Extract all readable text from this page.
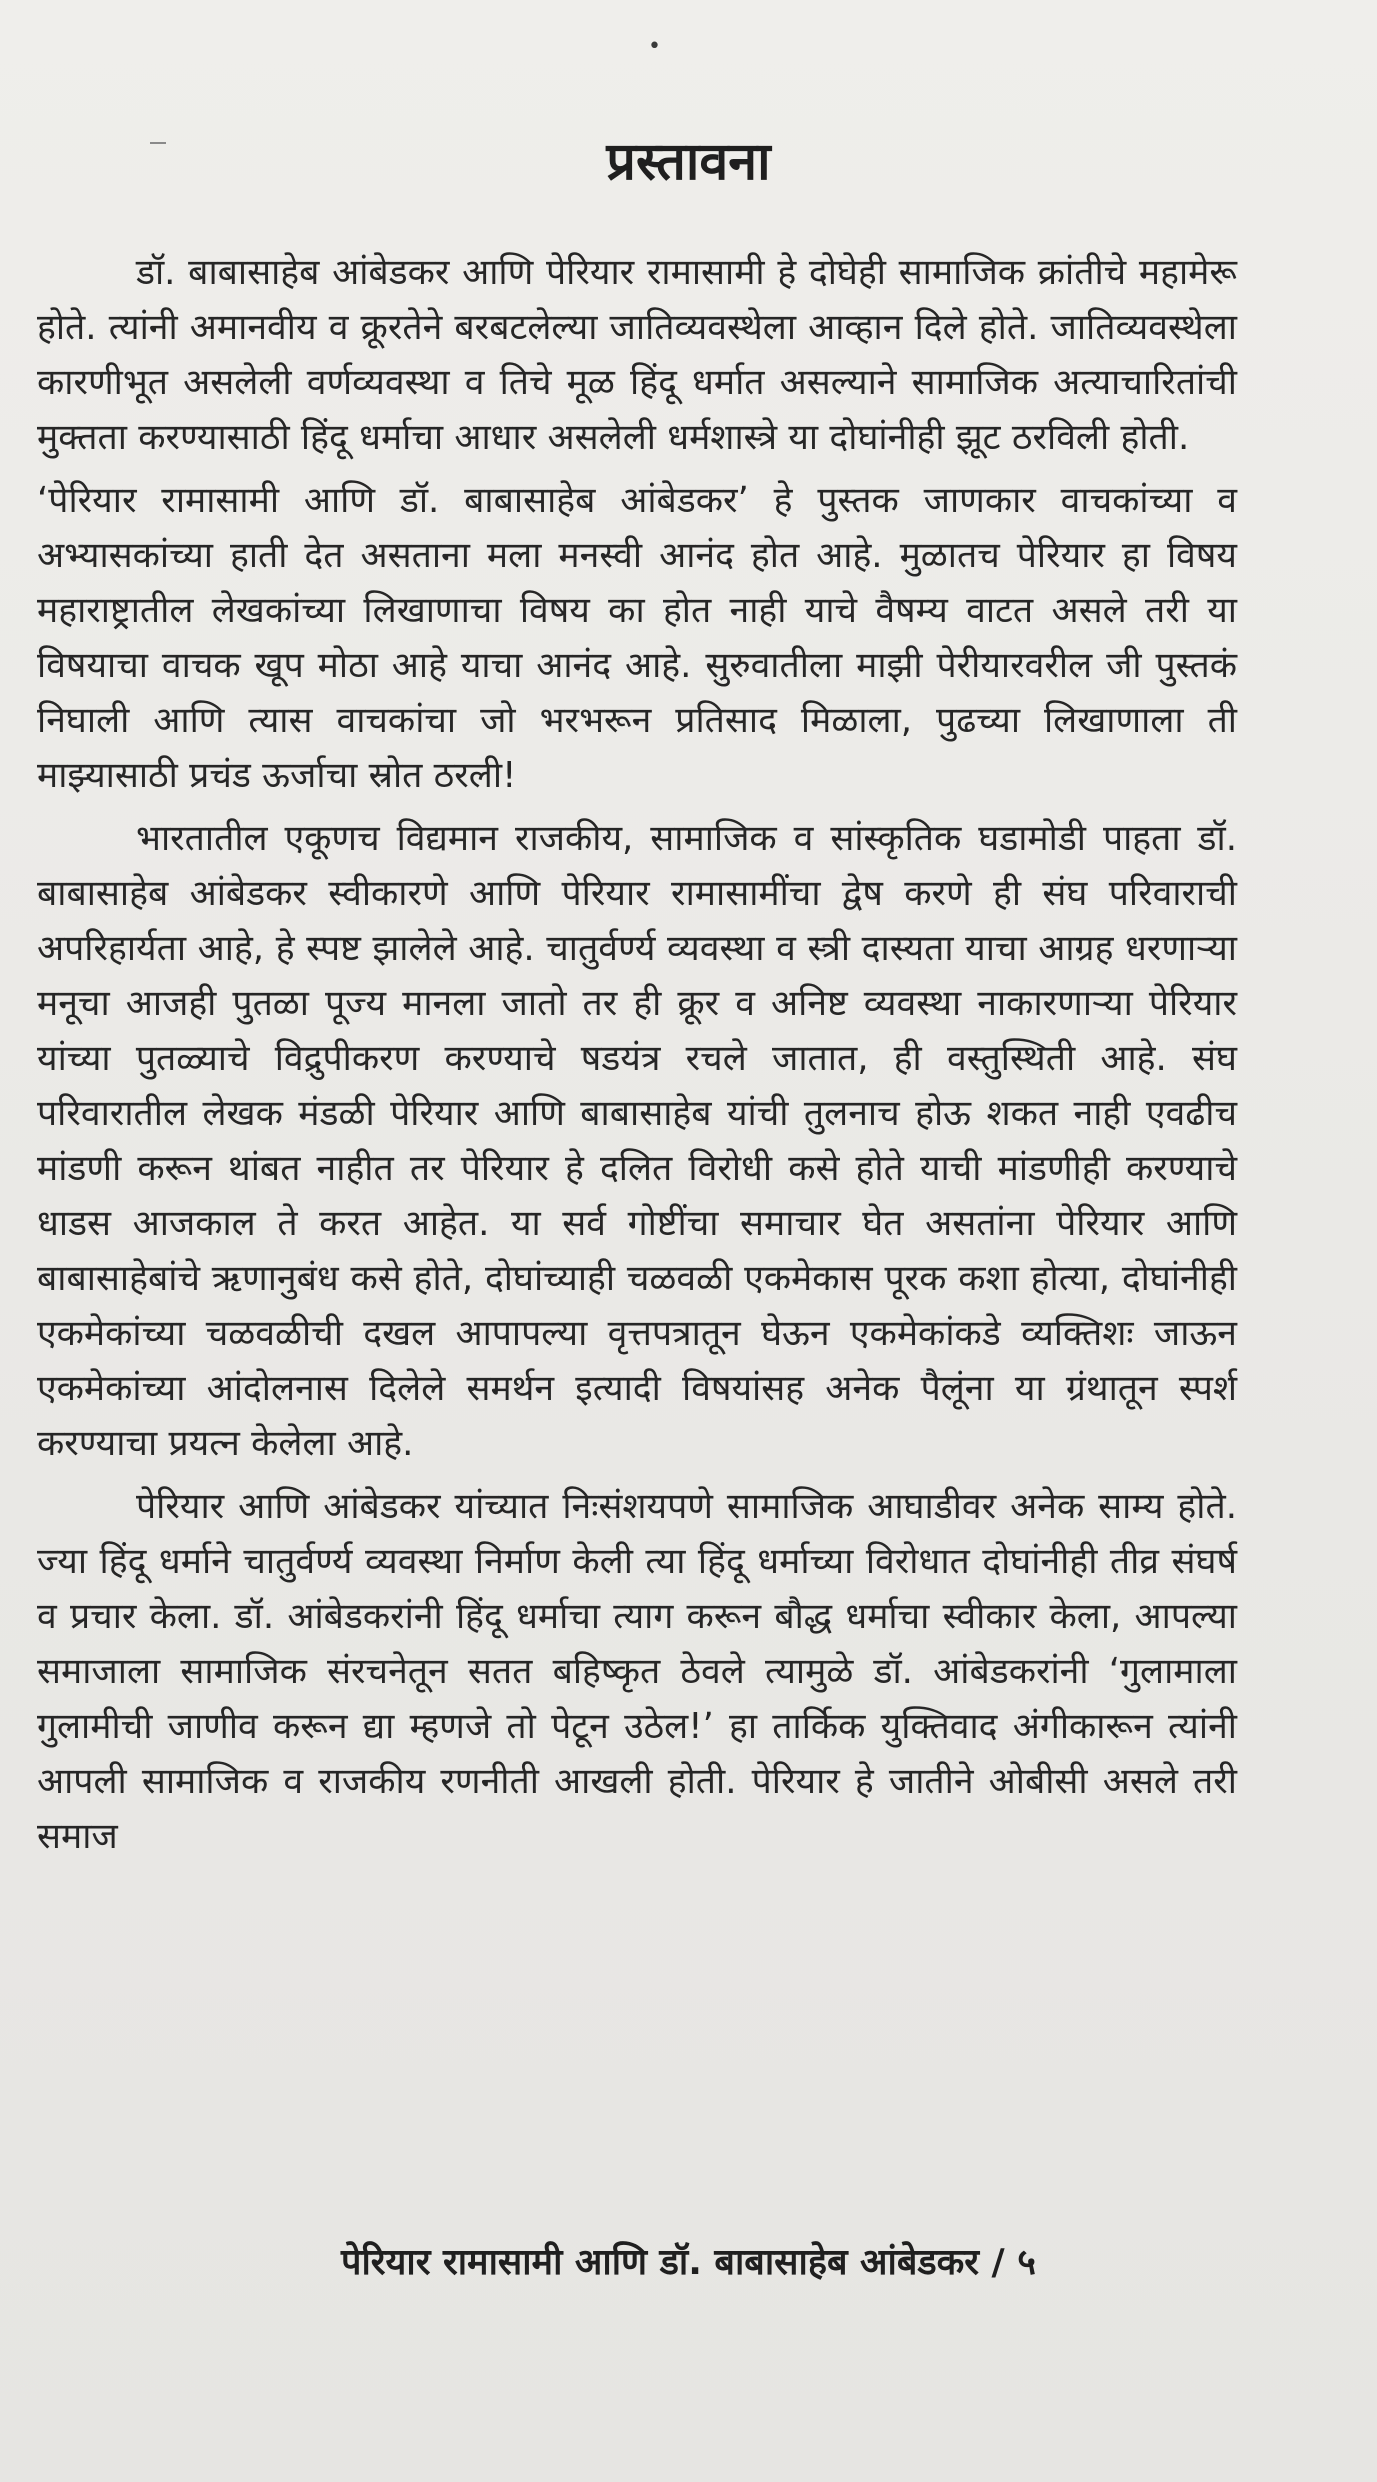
•
प्रस्तावना

डॉ. बाबासाहेब आंबेडकर आणि पेरियार रामासामी हे दोघेही सामाजिक क्रांतीचे महामेरू होते. त्यांनी अमानवीय व क्रूरतेने बरबटलेल्या जातिव्यवस्थेला आव्हान दिले होते. जातिव्यवस्थेला कारणीभूत असलेली वर्णव्यवस्था व तिचे मूळ हिंदू धर्मात असल्याने सामाजिक अत्याचारितांची मुक्तता करण्यासाठी हिंदू धर्माचा आधार असलेली धर्मशास्त्रे या दोघांनीही झूट ठरविली होती.

‘पेरियार रामासामी आणि डॉ. बाबासाहेब आंबेडकर’ हे पुस्तक जाणकार वाचकांच्या व अभ्यासकांच्या हाती देत असताना मला मनस्वी आनंद होत आहे. मुळातच पेरियार हा विषय महाराष्ट्रातील लेखकांच्या लिखाणाचा विषय का होत नाही याचे वैषम्य वाटत असले तरी या विषयाचा वाचक खूप मोठा आहे याचा आनंद आहे. सुरुवातीला माझी पेरीयारवरील जी पुस्तकं निघाली आणि त्यास वाचकांचा जो भरभरून प्रतिसाद मिळाला, पुढच्या लिखाणाला ती माझ्यासाठी प्रचंड ऊर्जाचा स्रोत ठरली!

भारतातील एकूणच विद्यमान राजकीय, सामाजिक व सांस्कृतिक घडामोडी पाहता डॉ. बाबासाहेब आंबेडकर स्वीकारणे आणि पेरियार रामासामींचा द्वेष करणे ही संघ परिवाराची अपरिहार्यता आहे, हे स्पष्ट झालेले आहे. चातुर्वर्ण्य व्यवस्था व स्त्री दास्यता याचा आग्रह धरणाऱ्या मनूचा आजही पुतळा पूज्य मानला जातो तर ही क्रूर व अनिष्ट व्यवस्था नाकारणाऱ्या पेरियार यांच्या पुतळ्याचे विद्रुपीकरण करण्याचे षडयंत्र रचले जातात, ही वस्तुस्थिती आहे. संघ परिवारातील लेखक मंडळी पेरियार आणि बाबासाहेब यांची तुलनाच होऊ शकत नाही एवढीच मांडणी करून थांबत नाहीत तर पेरियार हे दलित विरोधी कसे होते याची मांडणीही करण्याचे धाडस आजकाल ते करत आहेत. या सर्व गोष्टींचा समाचार घेत असतांना पेरियार आणि बाबासाहेबांचे ऋणानुबंध कसे होते, दोघांच्याही चळवळी एकमेकास पूरक कशा होत्या, दोघांनीही एकमेकांच्या चळवळीची दखल आपापल्या वृत्तपत्रातून घेऊन एकमेकांकडे व्यक्तिशः जाऊन एकमेकांच्या आंदोलनास दिलेले समर्थन इत्यादी विषयांसह अनेक पैलूंना या ग्रंथातून स्पर्श करण्याचा प्रयत्न केलेला आहे.

पेरियार आणि आंबेडकर यांच्यात निःसंशयपणे सामाजिक आघाडीवर अनेक साम्य होते. ज्या हिंदू धर्माने चातुर्वर्ण्य व्यवस्था निर्माण केली त्या हिंदू धर्माच्या विरोधात दोघांनीही तीव्र संघर्ष व प्रचार केला. डॉ. आंबेडकरांनी हिंदू धर्माचा त्याग करून बौद्ध धर्माचा स्वीकार केला, आपल्या समाजाला सामाजिक संरचनेतून सतत बहिष्कृत ठेवले त्यामुळे डॉ. आंबेडकरांनी ‘गुलामाला गुलामीची जाणीव करून द्या म्हणजे तो पेटून उठेल!’ हा तार्किक युक्तिवाद अंगीकारून त्यांनी आपली सामाजिक व राजकीय रणनीती आखली होती. पेरियार हे जातीने ओबीसी असले तरी समाज

पेरियार रामासामी आणि डॉ. बाबासाहेब आंबेडकर / ५
